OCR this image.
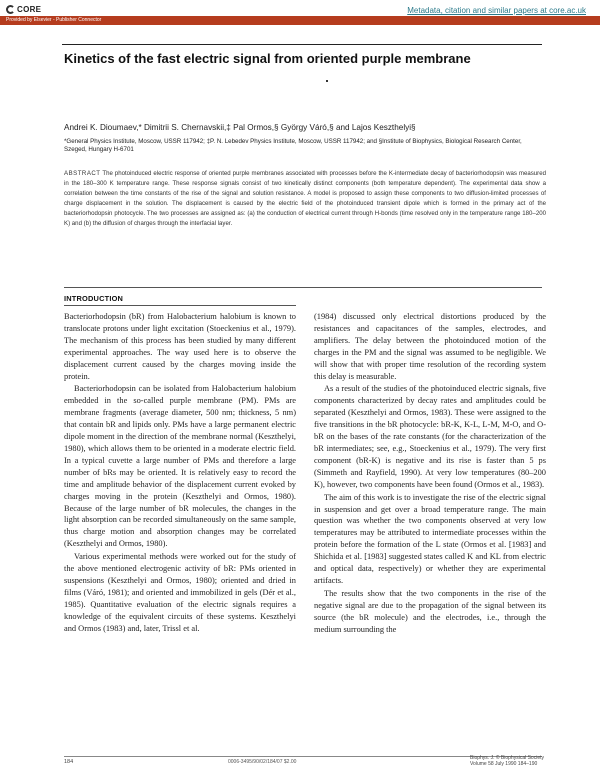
CORE	Metadata, citation and similar papers at core.ac.uk
Provided by Elsevier - Publisher Connector
Kinetics of the fast electric signal from oriented purple membrane
Andrei K. Dioumaev,* Dimitrii S. Chernavskii,‡ Pal Ormos,§ György Váró,§ and Lajos Keszthelyi§
*General Physics Institute, Moscow, USSR 117942; ‡P. N. Lebedev Physics Institute, Moscow, USSR 117942; and §Institute of Biophysics, Biological Research Center, Szeged, Hungary H-6701
ABSTRACT The photoinduced electric response of oriented purple membranes associated with processes before the K-intermediate decay of bacteriorhodopsin was measured in the 180–300 K temperature range. These response signals consist of two kinetically distinct components (both temperature dependent). The experimental data show a correlation between the time constants of the rise of the signal and solution resistance. A model is proposed to assign these components to two diffusion-limited processes of charge displacement in the solution. The displacement is caused by the electric field of the photoinduced transient dipole which is formed in the primary act of the bacteriorhodopsin photocycle. The two processes are assigned as: (a) the conduction of electrical current through H-bonds (time resolved only in the temperature range 180–200 K) and (b) the diffusion of charges through the interfacial layer.
INTRODUCTION

Bacteriorhodopsin (bR) from Halobacterium halobium is known to translocate protons under light excitation (Stoeckenius et al., 1979). The mechanism of this process has been studied by many different experimental approaches. The way used here is to observe the displacement current caused by the charges moving inside the protein.

Bacteriorhodopsin can be isolated from Halobacterium halobium embedded in the so-called purple membrane (PM). PMs are membrane fragments (average diameter, 500 nm; thickness, 5 nm) that contain bR and lipids only. PMs have a large permanent electric dipole moment in the direction of the membrane normal (Keszthelyi, 1980), which allows them to be oriented in a moderate electric field. In a typical cuvette a large number of PMs and therefore a large number of bRs may be oriented. It is relatively easy to record the time and amplitude behavior of the displacement current evoked by charges moving in the protein (Keszthelyi and Ormos, 1980). Because of the large number of bR molecules, the changes in the light absorption can be recorded simultaneously on the same sample, thus charge motion and absorption changes may be correlated (Keszthelyi and Ormos, 1980).

Various experimental methods were worked out for the study of the above mentioned electrogenic activity of bR: PMs oriented in suspensions (Keszthelyi and Ormos, 1980); oriented and dried in films (Váró, 1981); and oriented and immobilized in gels (Dér et al., 1985). Quantitative evaluation of the electric signals requires a knowledge of the equivalent circuits of these systems. Keszthelyi and Ormos (1983) and, later, Trissl et al.

(1984) discussed only electrical distortions produced by the resistances and capacitances of the samples, electrodes, and amplifiers. The delay between the photoinduced motion of the charges in the PM and the signal was assumed to be negligible. We will show that with proper time resolution of the recording system this delay is measurable.

As a result of the studies of the photoinduced electric signals, five components characterized by decay rates and amplitudes could be separated (Keszthelyi and Ormos, 1983). These were assigned to the five transitions in the bR photocycle: bR-K, K-L, L-M, M-O, and O-bR on the bases of the rate constants (for the characterization of the bR intermediates; see, e.g., Stoeckenius et al., 1979). The very first component (bR-K) is negative and its rise is faster than 5 ps (Simmeth and Rayfield, 1990). At very low temperatures (80–200 K), however, two components have been found (Ormos et al., 1983).

The aim of this work is to investigate the rise of the electric signal in suspension and get over a broad temperature range. The main question was whether the two components observed at very low temperatures may be attributed to intermediate processes within the protein before the formation of the L state (Ormos et al. [1983] and Shichida et al. [1983] suggested states called K and KL from electric and optical data, respectively) or whether they are experimental artifacts.

The results show that the two components in the rise of the negative signal are due to the propagation of the signal between its source (the bR molecule) and the electrodes, i.e., through the medium surrounding the

184	0006-3495/90/02/184/07 $2.00
Biophys. J. © Biophysical Society
Volume 58 July 1990 184–190
